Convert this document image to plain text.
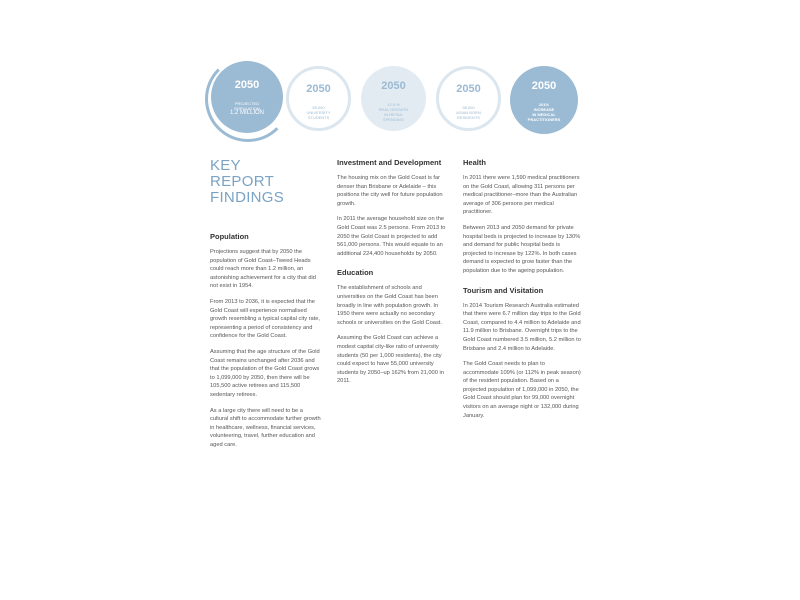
2050
PROJECTED
POPULATION
1.2 MILLION
2050
55,000
UNIVERSITY
STUDENTS
2050
12.5 %
REAL GROWTH
IN RETAIL
SPENDING
2050
98,000
ASIAN BORN
RESIDENTS
2050
201%
INCREASE
IN MEDICAL
PRACTITIONERS
KEY
REPORT
FINDINGS
Population

Projections suggest that by 2050 the population of Gold Coast–Tweed Heads could reach more than 1.2 million, an astonishing achievement for a city that did not exist in 1954.

From 2013 to 2036, it is expected that the Gold Coast will experience normalised growth resembling a typical capital city rate, representing a period of consistency and confidence for the Gold Coast.

Assuming that the age structure of the Gold Coast remains unchanged after 2036 and that the population of the Gold Coast grows to 1,099,000 by 2050, then there will be 105,500 active retirees and 115,500 sedentary retirees.

As a large city there will need to be a cultural shift to accommodate further growth in healthcare, wellness, financial services, volunteering, travel, further education and aged care.

Investment and Development

The housing mix on the Gold Coast is far denser than Brisbane or Adelaide – this positions the city well for future population growth.

In 2011 the average household size on the Gold Coast was 2.5 persons. From 2013 to 2050 the Gold Coast is projected to add 561,000 persons. This would equate to an additional 224,400 households by 2050.

Education

The establishment of schools and universities on the Gold Coast has been broadly in line with population growth. In 1950 there were actually no secondary schools or universities on the Gold Coast.

Assuming the Gold Coast can achieve a modest capital city-like ratio of university students (50 per 1,000 residents), the city could expect to have 55,000 university students by 2050–up 162% from 21,000 in 2011.

Health

In 2011 there were 1,590 medical practitioners on the Gold Coast, allowing 311 persons per medical practitioner–more than the Australian average of 306 persons per medical practitioner.

Between 2013 and 2050 demand for private hospital beds is projected to increase by 130% and demand for public hospital beds is projected to increase by 122%. In both cases demand is expected to grow faster than the population due to the ageing population.

Tourism and Visitation

In 2014 Tourism Research Australia estimated that there were 6.7 million day trips to the Gold Coast, compared to 4.4 million to Adelaide and 11.9 million to Brisbane. Overnight trips to the Gold Coast numbered 3.5 million, 5.2 million to Brisbane and 2.4 million to Adelaide.

The Gold Coast needs to plan to accommodate 109% (or 112% in peak season) of the resident population. Based on a projected population of 1,099,000 in 2050, the Gold Coast should plan for 99,000 overnight visitors on an average night or 132,000 during January.
